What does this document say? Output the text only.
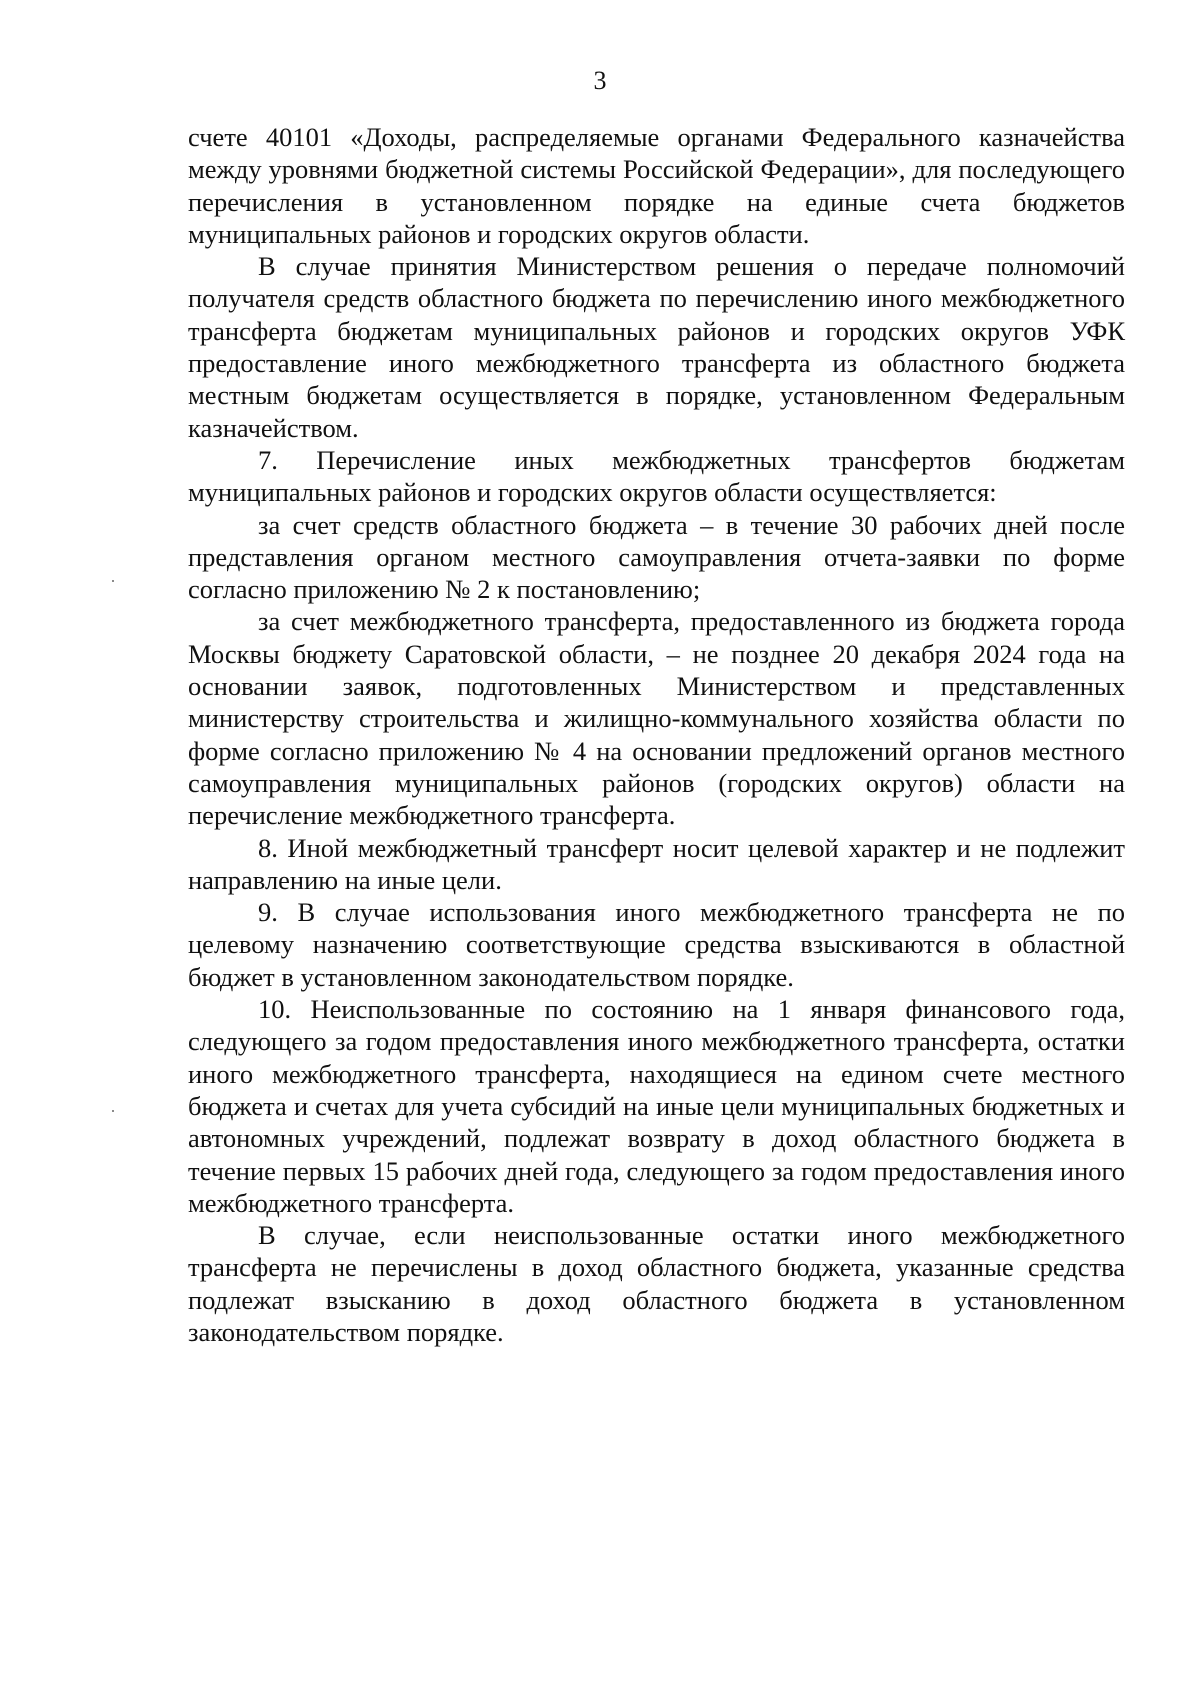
3

счете 40101 «Доходы, распределяемые органами Федерального казначейства между уровнями бюджетной системы Российской Федерации», для последующего перечисления в установленном порядке на единые счета бюджетов муниципальных районов и городских округов области.

В случае принятия Министерством решения о передаче полномочий получателя средств областного бюджета по перечислению иного межбюджетного трансферта бюджетам муниципальных районов и городских округов УФК предоставление иного межбюджетного трансферта из областного бюджета местным бюджетам осуществляется в порядке, установленном Федеральным казначейством.

7. Перечисление иных межбюджетных трансфертов бюджетам муниципальных районов и городских округов области осуществляется:

за счет средств областного бюджета – в течение 30 рабочих дней после представления органом местного самоуправления отчета-заявки по форме согласно приложению № 2 к постановлению;

за счет межбюджетного трансферта, предоставленного из бюджета города Москвы бюджету Саратовской области, – не позднее 20 декабря 2024 года на основании заявок, подготовленных Министерством и представленных министерству строительства и жилищно-коммунального хозяйства области по форме согласно приложению № 4 на основании предложений органов местного самоуправления муниципальных районов (городских округов) области на перечисление межбюджетного трансферта.

8. Иной межбюджетный трансферт носит целевой характер и не подлежит направлению на иные цели.

9. В случае использования иного межбюджетного трансферта не по целевому назначению соответствующие средства взыскиваются в областной бюджет в установленном законодательством порядке.

10. Неиспользованные по состоянию на 1 января финансового года, следующего за годом предоставления иного межбюджетного трансферта, остатки иного межбюджетного трансферта, находящиеся на едином счете местного бюджета и счетах для учета субсидий на иные цели муниципальных бюджетных и автономных учреждений, подлежат возврату в доход областного бюджета в течение первых 15 рабочих дней года, следующего за годом предоставления иного межбюджетного трансферта.

В случае, если неиспользованные остатки иного межбюджетного трансферта не перечислены в доход областного бюджета, указанные средства подлежат взысканию в доход областного бюджета в установленном законодательством порядке.
